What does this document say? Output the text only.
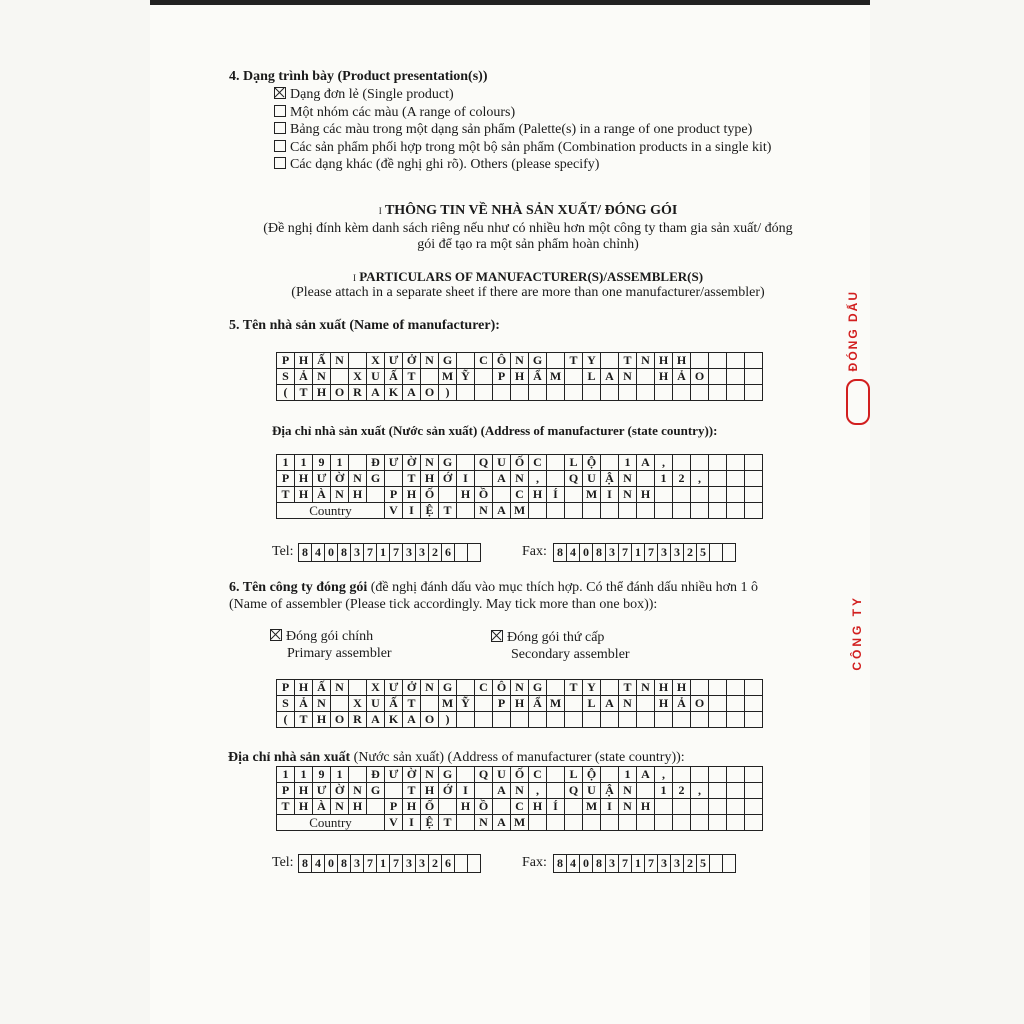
4. Dạng trình bày (Product presentation(s))
Dạng đơn lẻ (Single product)
Một nhóm các màu (A range of colours)
Bảng các màu trong một dạng sản phẩm (Palette(s) in a range of one product type)
Các sản phẩm phối hợp trong một bộ sản phẩm (Combination products in a single kit)
Các dạng khác (đề nghị ghi rõ). Others (please specify)
I THÔNG TIN VỀ NHÀ SẢN XUẤT/ ĐÓNG GÓI
(Đề nghị đính kèm danh sách riêng nếu như có nhiều hơn một công ty tham gia sản xuất/ đóng
gói để tạo ra một sản phẩm hoàn chỉnh)
I PARTICULARS OF MANUFACTURER(S)/ASSEMBLER(S)
(Please attach in a separate sheet if there are more than one manufacturer/assembler)
5. Tên nhà sản xuất (Name of manufacturer):
P	H	Ấ	N		X	Ư	Ở	N	G		C	Ô	N	G		T	Y		T	N	H	H				
S	Ả	N		X	U	Ấ	T		M	Ỹ		P	H	Ẩ	M		L	A	N		H	Ả	O			
(	T	H	O	R	A	K	A	O	)																	
Địa chỉ nhà sản xuất (Nước sản xuất) (Address of manufacturer (state country)):
1	1	9	1		Đ	Ư	Ờ	N	G		Q	U	Ố	C		L	Ộ		1	A	,					
P	H	Ư	Ờ	N	G		T	H	Ớ	I		A	N	,		Q	U	Ậ	N		1	2	,			
T	H	À	N	H		P	H	Ố		H	Ồ		C	H	Í		M	I	N	H						
Country						V	I	Ệ	T		N	A	M													
Tel: 8 4 0 8 3 7 1 7 3 3 2 6	Fax: 8 4 0 8 3 7 1 7 3 3 2 5
6. Tên công ty đóng gói (đề nghị đánh dấu vào mục thích hợp. Có thể đánh dấu nhiều hơn 1 ô
(Name of assembler (Please tick accordingly. May tick more than one box)):
Đóng gói chính
Primary assembler
Đóng gói thứ cấp
Secondary assembler
P	H	Ấ	N		X	Ư	Ở	N	G		C	Ô	N	G		T	Y		T	N	H	H				
S	Ả	N		X	U	Ấ	T		M	Ỹ		P	H	Ẩ	M		L	A	N		H	Ả	O			
(	T	H	O	R	A	K	A	O	)																	
Địa chỉ nhà sản xuất (Nước sản xuất) (Address of manufacturer (state country)):
1	1	9	1		Đ	Ư	Ờ	N	G		Q	U	Ố	C		L	Ộ		1	A	,					
P	H	Ư	Ờ	N	G		T	H	Ớ	I		A	N	,		Q	U	Ậ	N		1	2	,			
T	H	À	N	H		P	H	Ố		H	Ồ		C	H	Í		M	I	N	H						
Country						V	I	Ệ	T		N	A	M													
Tel: 8 4 0 8 3 7 1 7 3 3 2 6	Fax: 8 4 0 8 3 7 1 7 3 3 2 5
ĐÓNG DẤU
CÔNG TY
